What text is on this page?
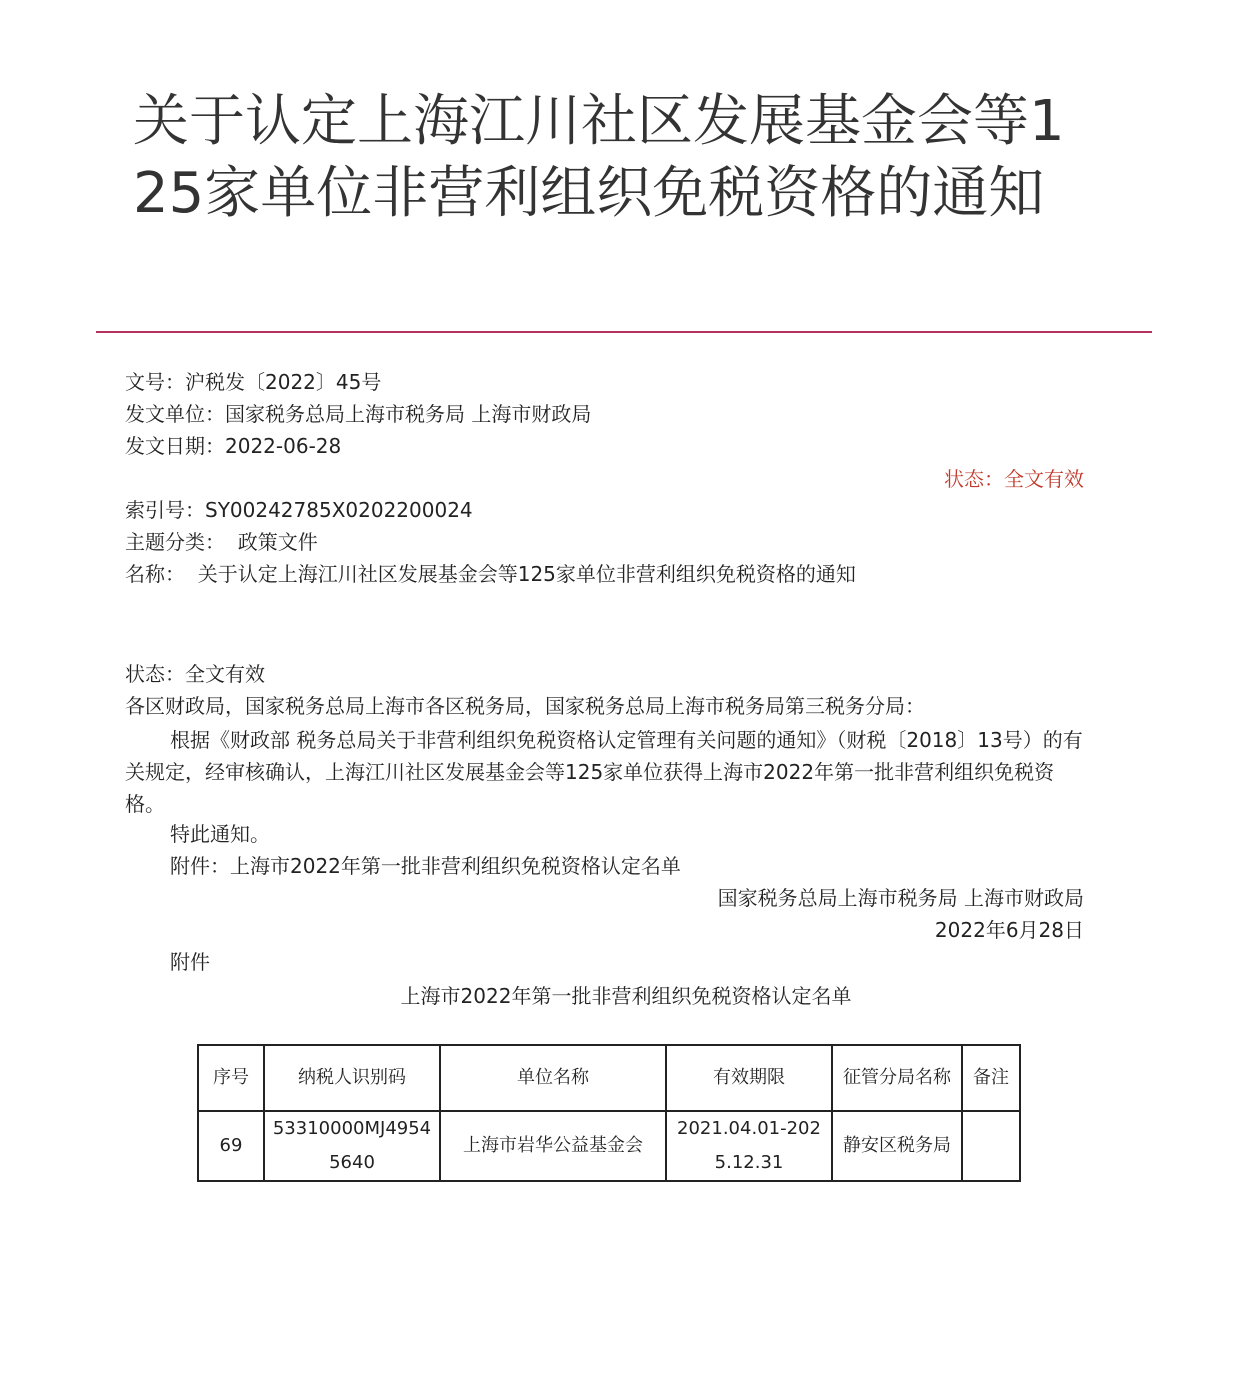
关于认定上海江川社区发展基金会等125家单位非营利组织免税资格的通知
文号：沪税发〔2022〕45号
发文单位：国家税务总局上海市税务局 上海市财政局
发文日期：2022-06-28
状态：全文有效
索引号：SY00242785X0202200024
主题分类：  政策文件
名称：  关于认定上海江川社区发展基金会等125家单位非营利组织免税资格的通知
状态：全文有效
各区财政局，国家税务总局上海市各区税务局，国家税务总局上海市税务局第三税务分局：
根据《财政部 税务总局关于非营利组织免税资格认定管理有关问题的通知》（财税〔2018〕13号）的有关规定，经审核确认，上海江川社区发展基金会等125家单位获得上海市2022年第一批非营利组织免税资格。
特此通知。
附件：上海市2022年第一批非营利组织免税资格认定名单
国家税务总局上海市税务局 上海市财政局
2022年6月28日
附件
上海市2022年第一批非营利组织免税资格认定名单
序号	纳税人识别码	单位名称	有效期限	征管分局名称	备注
69	53310000MJ49545640	上海市岩华公益基金会	2021.04.01-2025.12.31	静安区税务局	
